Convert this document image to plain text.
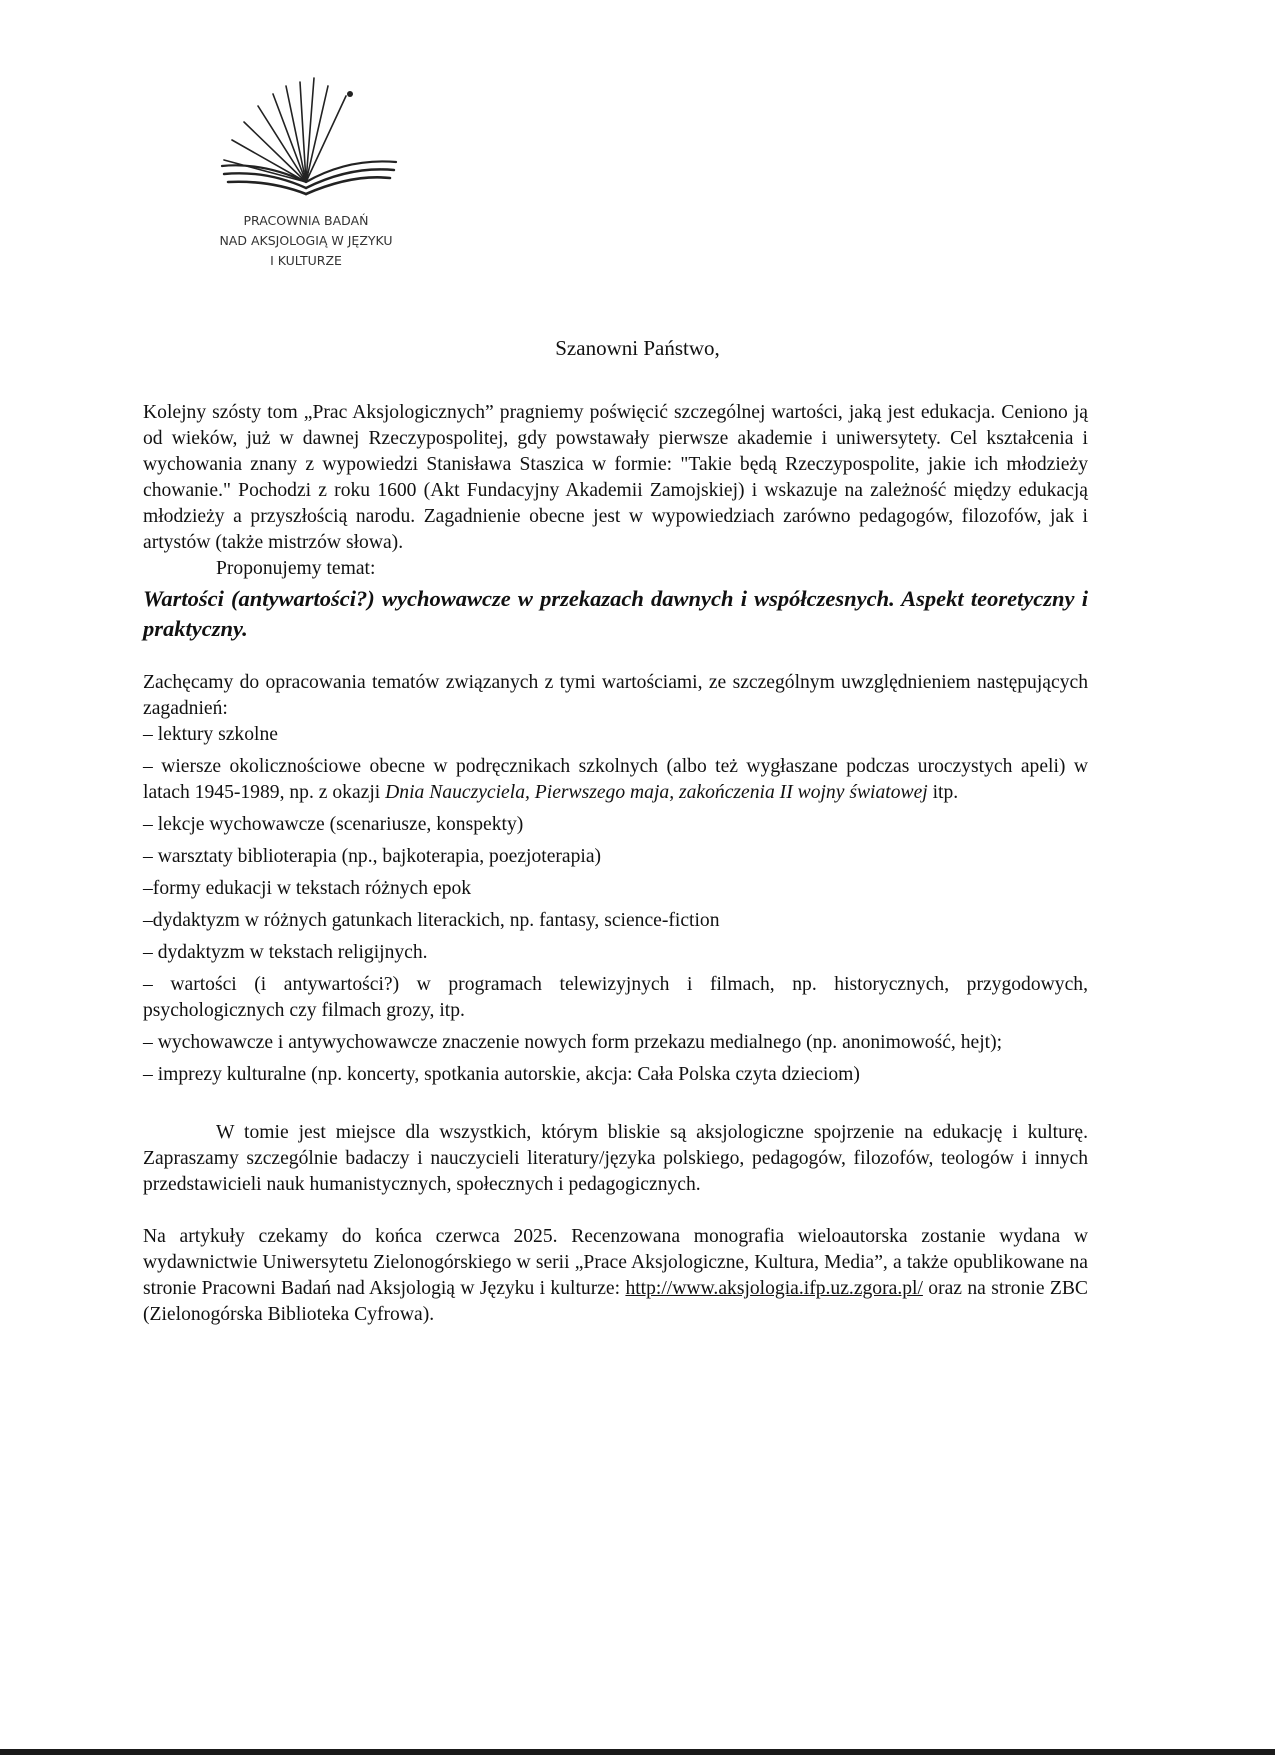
PRACOWNIA BADAŃ
NAD AKSJOLOGIĄ W JĘZYKU
I KULTURZE
Szanowni Państwo,

Kolejny szósty tom „Prac Aksjologicznych” pragniemy poświęcić szczególnej wartości, jaką jest edukacja. Ceniono ją od wieków, już w dawnej Rzeczypospolitej, gdy powstawały pierwsze akademie i uniwersytety. Cel kształcenia i wychowania znany z wypowiedzi Stanisława Staszica w formie: "Takie będą Rzeczypospolite, jakie ich młodzieży chowanie." Pochodzi z roku 1600 (Akt Fundacyjny Akademii Zamojskiej) i wskazuje na zależność między edukacją młodzieży a przyszłością narodu. Zagadnienie obecne jest w wypowiedziach zarówno pedagogów, filozofów, jak i artystów (także mistrzów słowa).

Proponujemy temat:

Wartości (antywartości?) wychowawcze w przekazach dawnych i współczesnych. Aspekt teoretyczny i praktyczny.

Zachęcamy do opracowania tematów związanych z tymi wartościami, ze szczególnym uwzględnieniem następujących zagadnień:

– lektury szkolne
– wiersze okolicznościowe obecne w podręcznikach szkolnych (albo też wygłaszane podczas uroczystych apeli) w latach 1945-1989, np. z okazji Dnia Nauczyciela, Pierwszego maja, zakończenia II wojny światowej itp.
– lekcje wychowawcze (scenariusze, konspekty)
– warsztaty biblioterapia (np., bajkoterapia, poezjoterapia)
–formy edukacji w tekstach różnych epok
–dydaktyzm w różnych gatunkach literackich, np. fantasy, science-fiction
– dydaktyzm w tekstach religijnych.
– wartości (i antywartości?) w programach telewizyjnych i filmach, np. historycznych, przygodowych, psychologicznych czy filmach grozy, itp.
– wychowawcze i antywychowawcze znaczenie nowych form przekazu medialnego (np. anonimowość, hejt);
– imprezy kulturalne (np. koncerty, spotkania autorskie, akcja: Cała Polska czyta dzieciom)

W tomie jest miejsce dla wszystkich, którym bliskie są aksjologiczne spojrzenie na edukację i kulturę. Zapraszamy szczególnie badaczy i nauczycieli literatury/języka polskiego, pedagogów, filozofów, teologów i innych przedstawicieli nauk humanistycznych, społecznych i pedagogicznych.

Na artykuły czekamy do końca czerwca 2025. Recenzowana monografia wieloautorska zostanie wydana w wydawnictwie Uniwersytetu Zielonogórskiego w serii „Prace Aksjologiczne, Kultura, Media”, a także opublikowane na stronie Pracowni Badań nad Aksjologią w Języku i kulturze: http://www.aksjologia.ifp.uz.zgora.pl/ oraz na stronie ZBC (Zielonogórska Biblioteka Cyfrowa).
